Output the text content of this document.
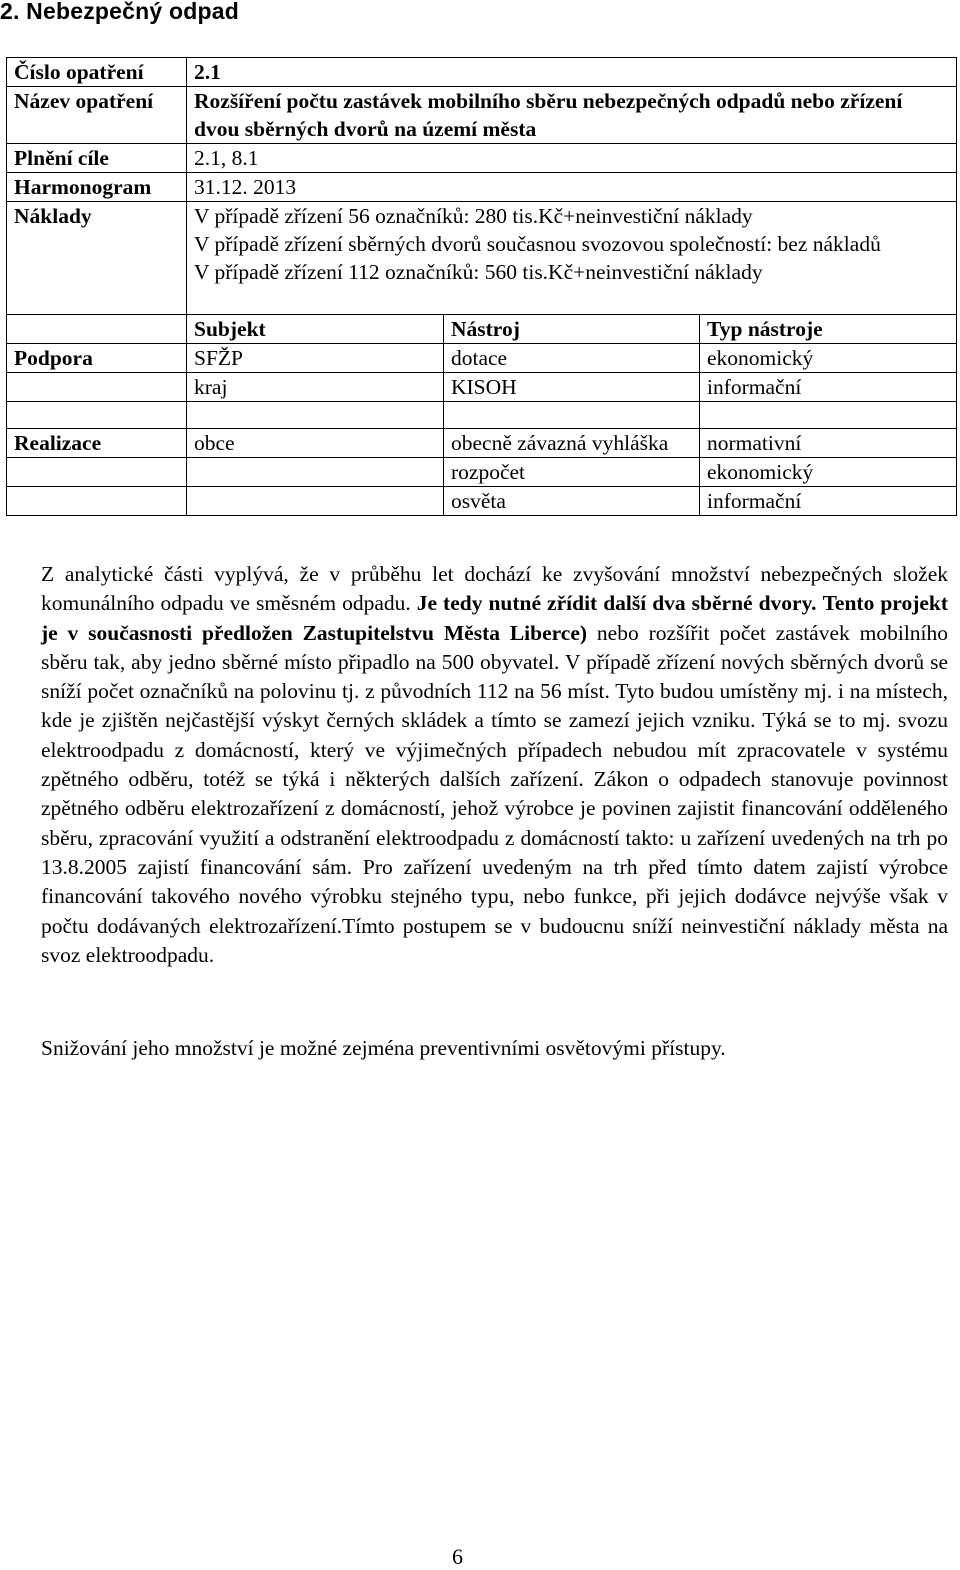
2. Nebezpečný odpad
Číslo opatření	2.1		
Název opatření	Rozšíření počtu zastávek mobilního sběru nebezpečných odpadů nebo zřízení dvou sběrných dvorů na území města		
Plnění cíle	2.1, 8.1		
Harmonogram	31.12. 2013		
Náklady	V případě zřízení 56 označníků: 280 tis.Kč+neinvestiční náklady
V případě zřízení sběrných dvorů současnou svozovou společností: bez nákladů
V případě zřízení 112 označníků: 560 tis.Kč+neinvestiční náklady		

	Subjekt	Nástroj	Typ nástroje
Podpora	SFŽP	dotace	ekonomický
	kraj	KISOH	informační

Realizace	obce	obecně závazná vyhláška	normativní
		rozpočet	ekonomický
		osvěta	informační

Z analytické části vyplývá, že v průběhu let dochází ke zvyšování množství nebezpečných složek komunálního odpadu ve směsném odpadu. Je tedy nutné zřídit další dva sběrné dvory. Tento projekt je v současnosti předložen Zastupitelstvu Města Liberce) nebo rozšířit počet zastávek mobilního sběru tak, aby jedno sběrné místo připadlo na 500 obyvatel. V případě zřízení nových sběrných dvorů se sníží počet označníků na polovinu tj. z původních 112 na 56 míst. Tyto budou umístěny mj. i na místech, kde je zjištěn nejčastější výskyt černých skládek a tímto se zamezí jejich vzniku. Týká se to mj. svozu elektroodpadu z domácností, který ve výjimečných případech nebudou mít zpracovatele v systému zpětného odběru, totéž se týká i některých dalších zařízení. Zákon o odpadech stanovuje povinnost zpětného odběru elektrozařízení z domácností, jehož výrobce je povinen zajistit financování odděleného sběru, zpracování využití a odstranění elektroodpadu z domácností takto: u zařízení uvedených na trh po 13.8.2005 zajistí financování sám. Pro zařízení uvedeným na trh před tímto datem zajistí výrobce financování takového nového výrobku stejného typu, nebo funkce, při jejich dodávce nejvýše však v počtu dodávaných elektrozařízení.Tímto postupem se v budoucnu sníží neinvestiční náklady města na svoz elektroodpadu.

Snižování jeho množství je možné zejména preventivními osvětovými přístupy.
6
